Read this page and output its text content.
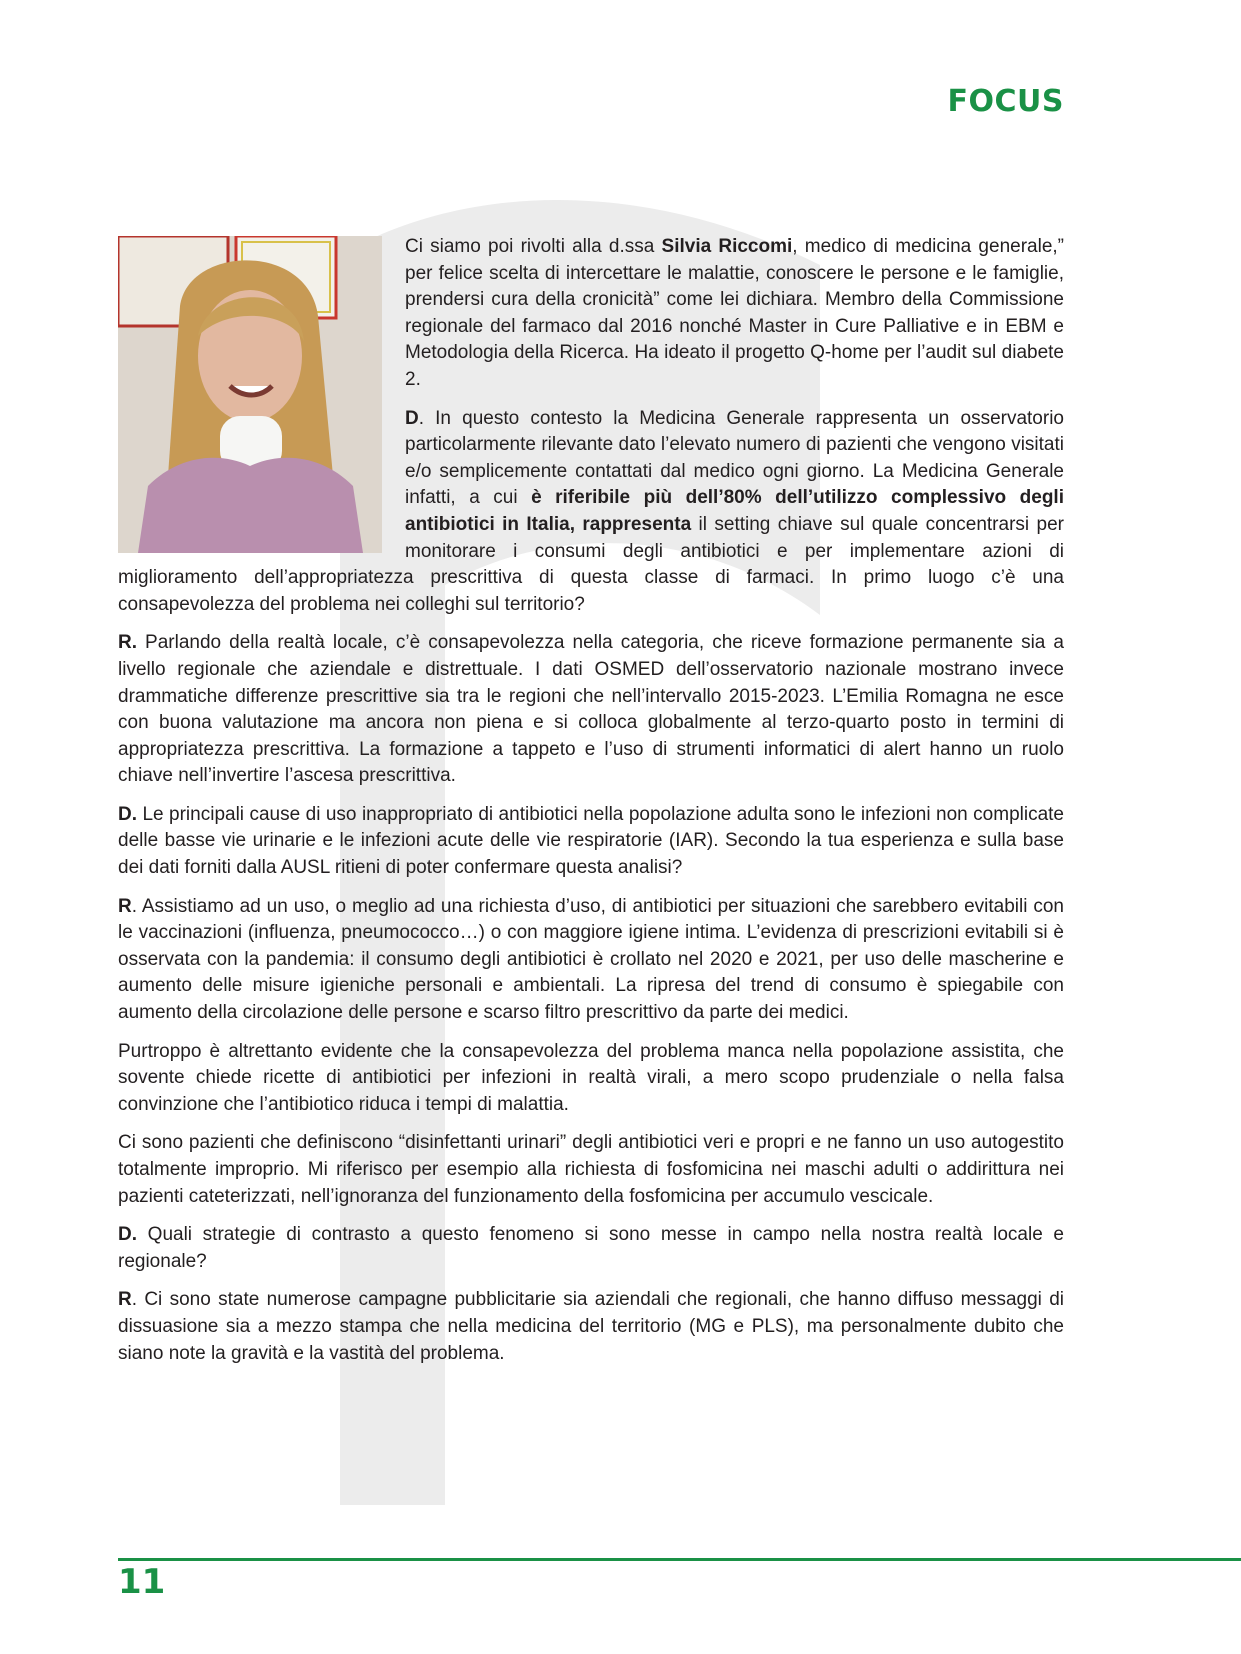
FOCUS

Ci siamo poi rivolti alla d.ssa Silvia Riccomi, medico di medicina generale,” per felice scelta di intercettare le malattie, conoscere le persone e le famiglie, prendersi cura della cronicità” come lei dichiara. Membro della Commissione regionale del farmaco dal 2016 nonché Master in Cure Palliative e in EBM e Metodologia della Ricerca. Ha ideato il progetto Q-home per l’audit sul diabete 2.

D. In questo contesto la Medicina Generale rappresenta un osservatorio particolarmente rilevante dato l’elevato numero di pazienti che vengono visitati e/o semplicemente contattati dal medico ogni giorno. La Medicina Generale infatti, a cui è riferibile più dell’80% dell’utilizzo complessivo degli antibiotici in Italia, rappresenta il setting chiave sul quale concentrarsi per monitorare i consumi degli antibiotici e per implementare azioni di miglioramento dell’appropriatezza prescrittiva di questa classe di farmaci. In primo luogo c’è una consapevolezza del problema nei colleghi sul territorio?

R. Parlando della realtà locale, c’è consapevolezza nella categoria, che riceve formazione permanente sia a livello regionale che aziendale e distrettuale. I dati OSMED dell’osservatorio nazionale mostrano invece drammatiche differenze prescrittive sia tra le regioni che nell’intervallo 2015-2023. L’Emilia Romagna ne esce con buona valutazione ma ancora non piena e si colloca globalmente al terzo-quarto posto in termini di appropriatezza prescrittiva. La formazione a tappeto e l’uso di strumenti informatici di alert hanno un ruolo chiave nell’invertire l’ascesa prescrittiva.

D. Le principali cause di uso inappropriato di antibiotici nella popolazione adulta sono le infezioni non complicate delle basse vie urinarie e le infezioni acute delle vie respiratorie (IAR). Secondo la tua esperienza e sulla base dei dati forniti dalla AUSL ritieni di poter confermare questa analisi?

R. Assistiamo ad un uso, o meglio ad una richiesta d’uso, di antibiotici per situazioni che sarebbero evitabili con le vaccinazioni (influenza, pneumococco…) o con maggiore igiene intima. L’evidenza di prescrizioni evitabili si è osservata con la pandemia: il consumo degli antibiotici è crollato nel 2020 e 2021, per uso delle mascherine e aumento delle misure igieniche personali e ambientali. La ripresa del trend di consumo è spiegabile con aumento della circolazione delle persone e scarso filtro prescrittivo da parte dei medici.

Purtroppo è altrettanto evidente che la consapevolezza del problema manca nella popolazione assistita, che sovente chiede ricette di antibiotici per infezioni in realtà virali, a mero scopo prudenziale o nella falsa convinzione che l’antibiotico riduca i tempi di malattia.

Ci sono pazienti che definiscono “disinfettanti urinari” degli antibiotici veri e propri e ne fanno un uso autogestito totalmente improprio. Mi riferisco per esempio alla richiesta di fosfomicina nei maschi adulti o addirittura nei pazienti cateterizzati, nell’ignoranza del funzionamento della fosfomicina per accumulo vescicale.

D. Quali strategie di contrasto a questo fenomeno si sono messe in campo nella nostra realtà locale e regionale?

R. Ci sono state numerose campagne pubblicitarie sia aziendali che regionali, che hanno diffuso messaggi di dissuasione sia a mezzo stampa che nella medicina del territorio (MG e PLS), ma personalmente dubito che siano note la gravità e la vastità del problema.

11
